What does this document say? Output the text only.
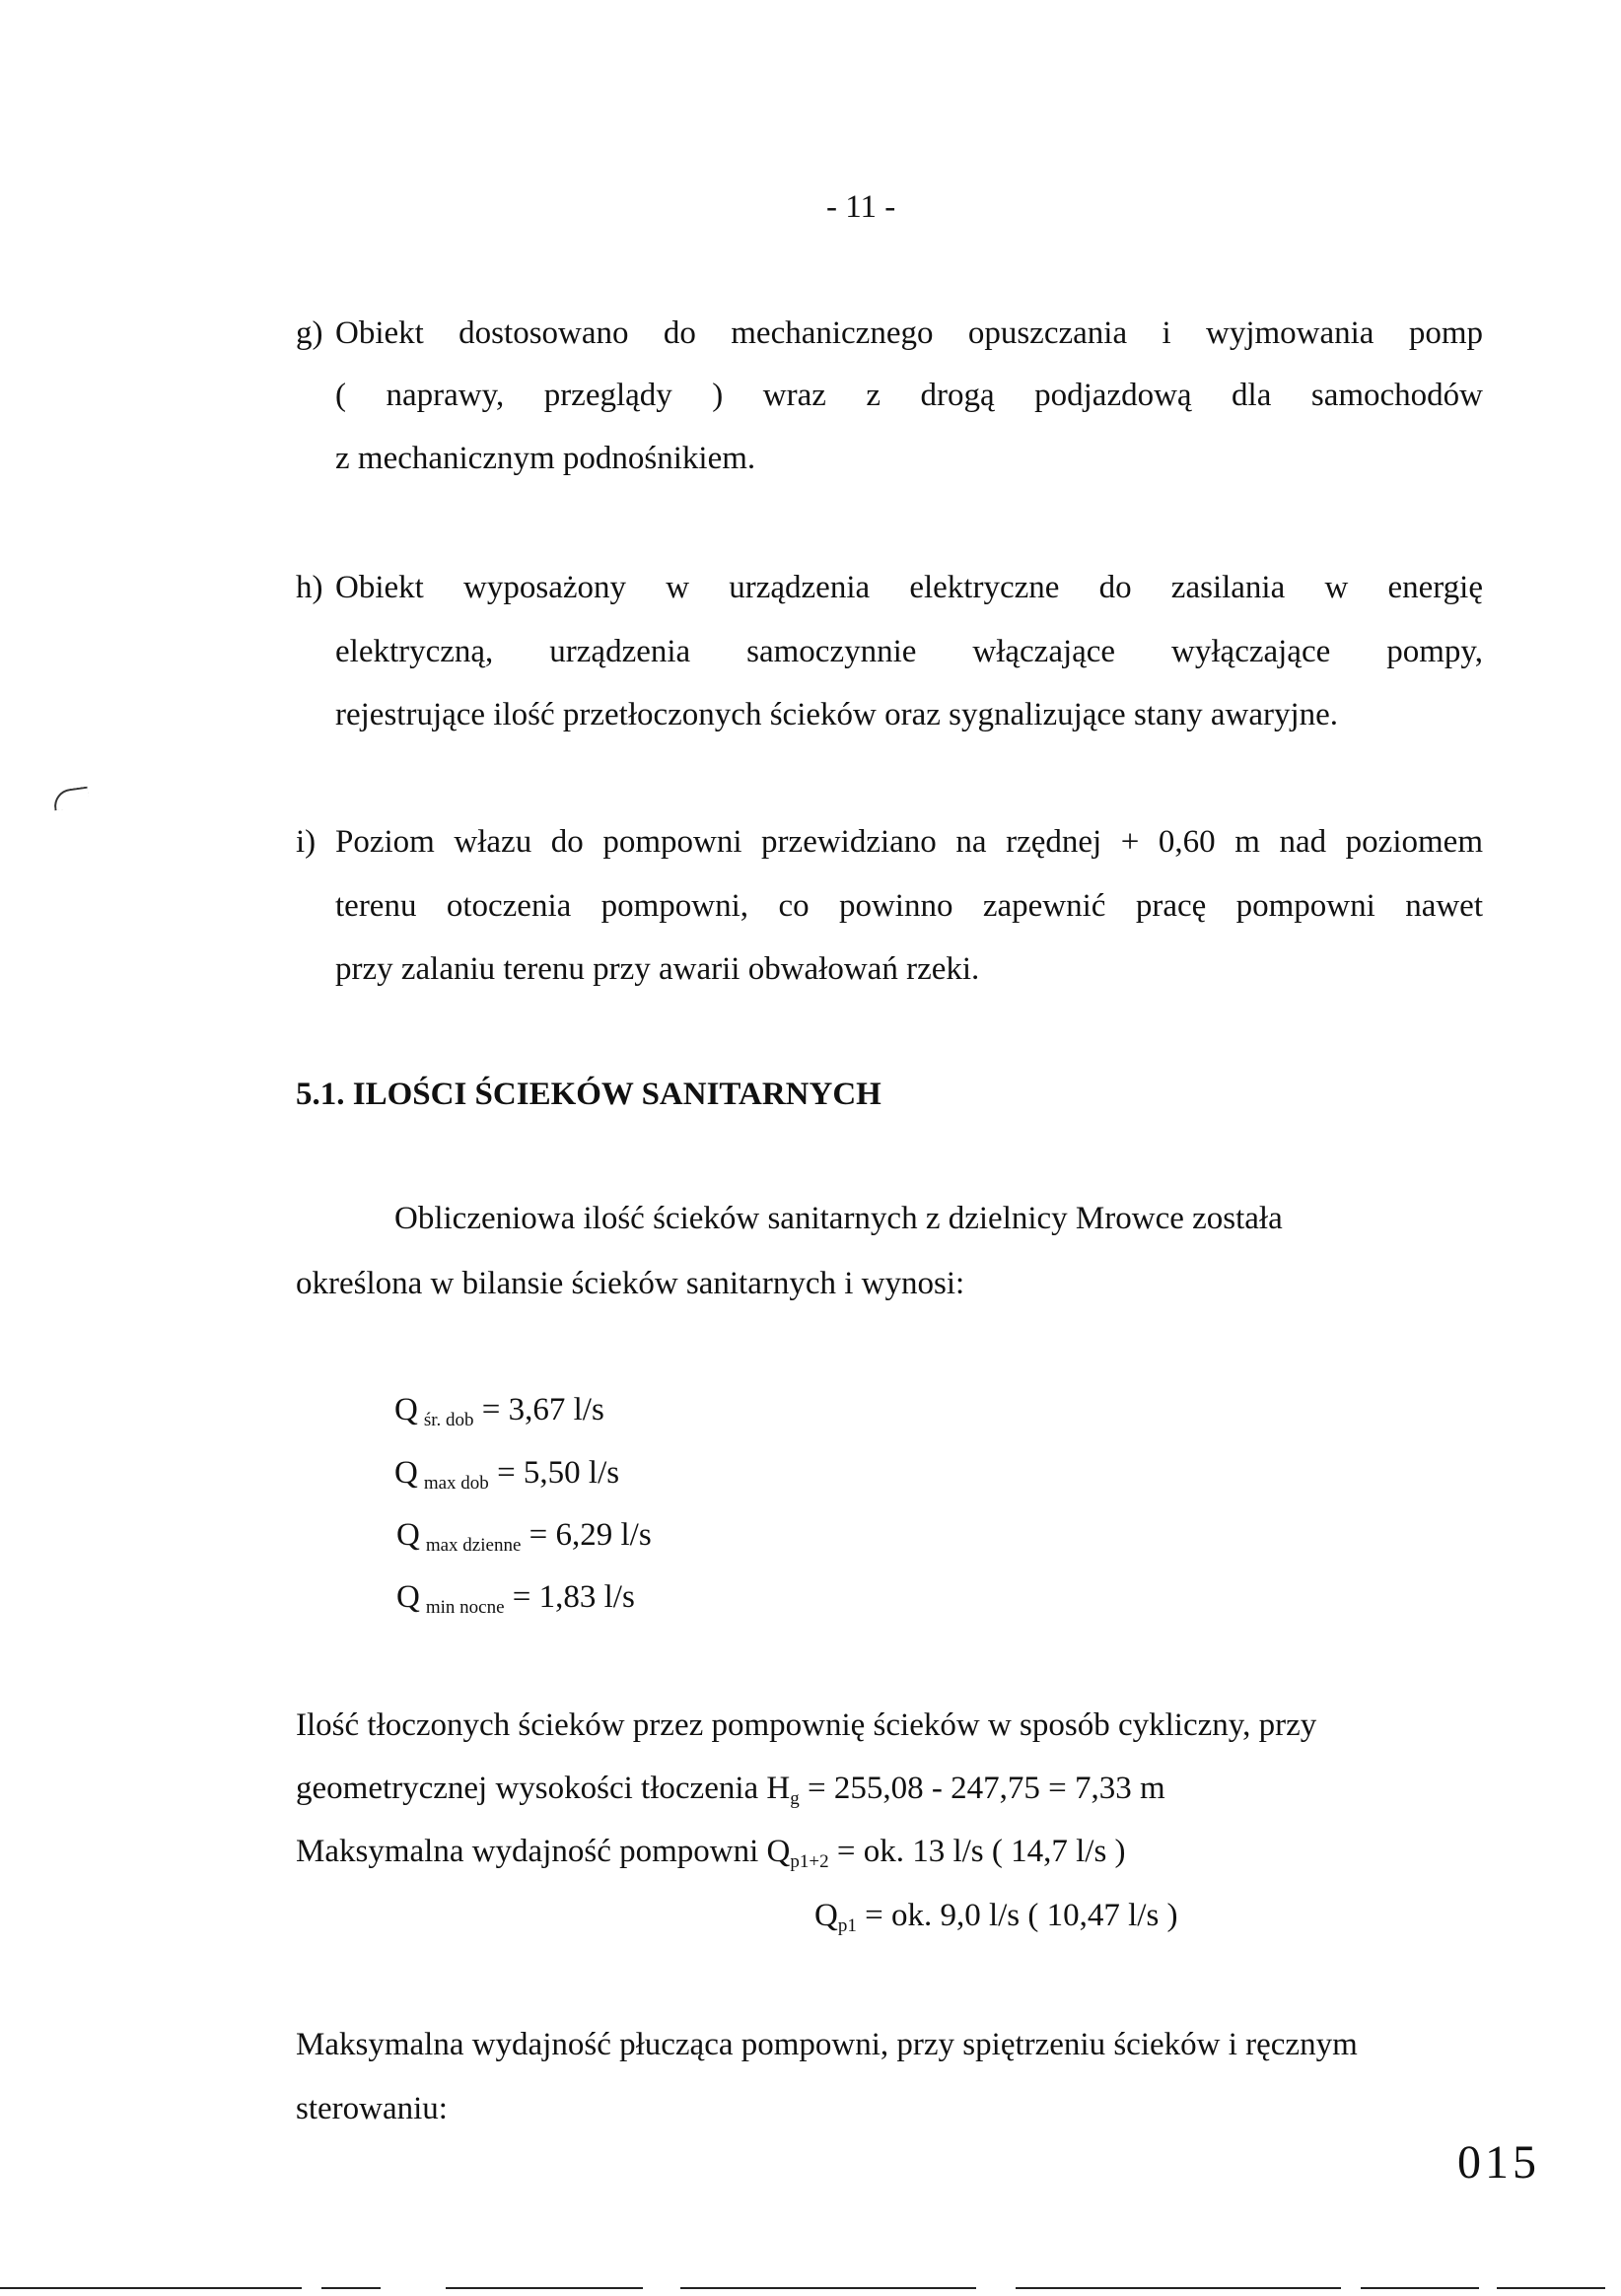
- 11 -
g) Obiekt dostosowano do mechanicznego opuszczania i wyjmowania pomp
( naprawy, przeglądy ) wraz z drogą podjazdową dla samochodów
z mechanicznym podnośnikiem.
h) Obiekt wyposażony w urządzenia elektryczne do zasilania w energię
elektryczną, urządzenia samoczynnie włączające wyłączające pompy,
rejestrujące ilość przetłoczonych ścieków oraz sygnalizujące stany awaryjne.
i) Poziom włazu do pompowni przewidziano na rzędnej + 0,60 m nad poziomem
terenu otoczenia pompowni, co powinno zapewnić pracę pompowni nawet
przy zalaniu terenu przy awarii obwałowań rzeki.
5.1. ILOŚCI ŚCIEKÓW SANITARNYCH
Obliczeniowa ilość ścieków sanitarnych z dzielnicy Mrowce została
określona w bilansie ścieków sanitarnych i wynosi:
Qśr. dob = 3,67 l/s
Qmax dob = 5,50 l/s
Qmax dzienne = 6,29 l/s
Qmin nocne = 1,83 l/s
Ilość tłoczonych ścieków przez pompownię ścieków w sposób cykliczny, przy
geometrycznej wysokości tłoczenia Hg = 255,08 - 247,75 = 7,33 m
Maksymalna wydajność pompowni Qp1+2 = ok. 13 l/s ( 14,7 l/s )
Qp1 = ok. 9,0 l/s ( 10,47 l/s )
Maksymalna wydajność płucząca pompowni, przy spiętrzeniu ścieków i ręcznym
sterowaniu:
015
